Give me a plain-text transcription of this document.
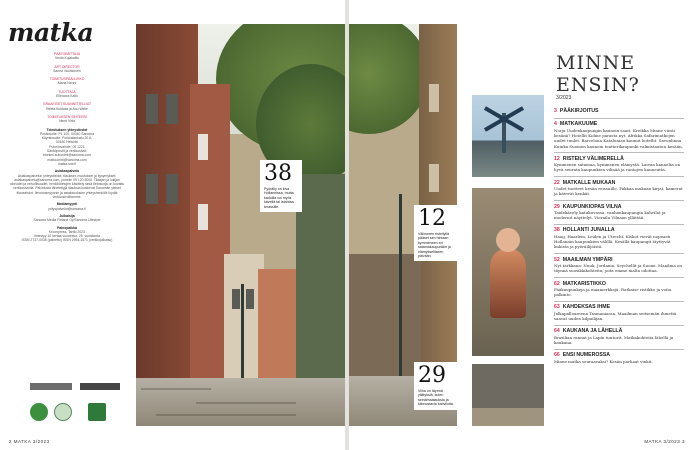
matka
PÄÄTOIMITTAJA
Venla Kujakallio
ART DIRECTOR
Sanna Vauhkonen
TOIMITUSPÄÄLLIKKÖ
Maria Nenni
TUOTTAJA
Eliinoora Kallo
GRAAFISET SUUNNITTELIJAT
Reeta Kukkola ja Anu Welle
TOIMITUKSEN SIHTEERI
Nemi Virta
Toimituksen yhteystiedot
Postiosoite: PL 100, 00040 Sanoma
Käyntiosoite: Porkkalankatu 20 A,
00180 Helsinki
Puhelinvaihde: 09 1221
Sähköpostit ja verkkosivut:
etunimi.sukunimi@sanoma.com
matka.lehti@sanoma.com
matka.sml.fi
Asiakaspalvelu
Asiakaspalvelun yhteystiedot, tilaukset, muutokset ja kysymykset: asiakaspalvelu@sanoma.com, puhelin 09 120 5000. Tilaajan ja lukijan oikeudet ja velvollisuudet, henkilötietojen käsittely sekä tietosuoja on kuvattu verkkosivuilla. Palvelusta lähetettyjä tilauksia koskevat Sanoman yleiset tilausehdot. Ilmoitusmyynnin ja asiakkuuksien yhteyshenkilöt löydät verkkosivuiltamme.
Mediamyynti
yrityspalvelut@sanoma.fi
Julkaisija
Sanoma Media Finland Oy/Sanoma Lifestyle
Painopaikka
Kroonpress, Tartto 2023
Ilmestyy 10 kertaa vuodessa. 25. vuosikerta
ISSN 2737-0038 (painettu) ISSN 2954-1571 (verkkojulkaisu)
38
Pyöräily on kiva Hollannissa, mutta kaduilla voi myös kävellä tai istahtaa terassille.
2 MATKA 3/2023
12
Välimeren risteilyllä pääset sen hintaan kymmeneen eri satamakaupunkiin ja elämykselliseen päivään.
29
Vilna on täynnä yllätyksiä, kuten seinämaalauksia ja kiinnostavia kahviloita.
MINNE ENSIN?
3/2023
3 PÄÄKIRJOITUS
4 MATKAKUUME
Norja Uudenkaupungin kaunein saari. Kreikka Minne viesti kesänä? Hotellit Kolme parasta nyt. Afrikka Safarimatkojen uudet tuulet. Barcelona Katalonian kauniit hotellit. Savonlinna Kuinka Suomen kaunein teatterikaupunki valmistautuu kesään.
12 RISTEILY VÄLIMERELLÄ
Kymmenen satamaa, kymmenen elämystä. Laivan kannelta on hyvä seurata kaupunkien vilinää ja rantojen kauneutta.
22 MATKALLE MUKAAN
Uudet tuotteet kesän reissuille. Pakkaa mukaan kirjat, kamerat ja kätevät kenkät.
29 KAUPUNKIOPAS VILNA
Taidekävely katukuvassa, vanhankaupungin kahvilat ja modernit näyttelyt. Vierailu Vilnaan yllättää.
38 HOLLANTI JUNALLA
Haag, Haarlem, Leiden ja Utrecht. Kiskot vievät nopeasti Hollannin kaupunkien välillä. Kesällä kaupungit täyttyvät kukista ja pyöräilijöistä.
52 MAAILMAN YMPÄRI
Nyt tarkkana: Nuuk, Jordania, Seychellit ja Suomi. Maailma on täynnä suosikkikohteita, joita emme malta odottaa.
62 MATKARISTIKKO
Pääkaupunkeja ja maamerkkejä. Ratkaise ristikko ja voita palkinto.
63 KAHDEKSAS IHME
Jalkapalloareena Tasmaniassa. Maailman seitsemän ihmettä saavat uuden kilpailijan.
64 KAUKANA JA LÄHELLÄ
Brasilian rannat ja Lapin tunturit. Matkakohteita lähellä ja kaukana.
66 ENSI NUMEROSSA
Minne matka seuraavaksi? Kesän parhaat vinkit.
MATKA 3/2023 3
